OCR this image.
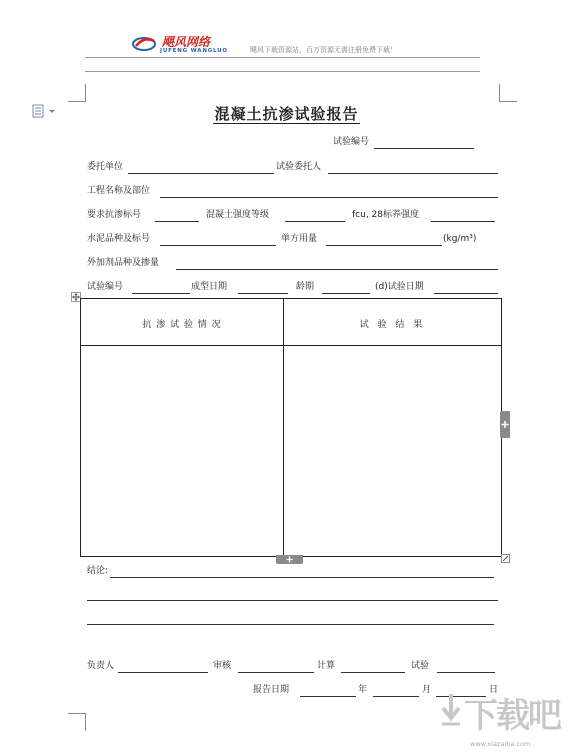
飓风网络
JUFENG WANGLUO	飓风下载资源站，百万资源无需注册免费下载！
混凝土抗渗试验报告
试验编号
委托单位	试验委托人
工程名称及部位
要求抗渗标号	混凝土强度等级	fcu, 28标养强度
水泥品种及标号	单方用量	(kg/m³)
外加剂品种及掺量
试验编号	成型日期	龄期	(d)试验日期
抗 渗 试 验 情 况	试 验 结 果
结论:
负责人	审核	计算	试验
报告日期	年	月	日
下载吧
www.xiazaiba.com
